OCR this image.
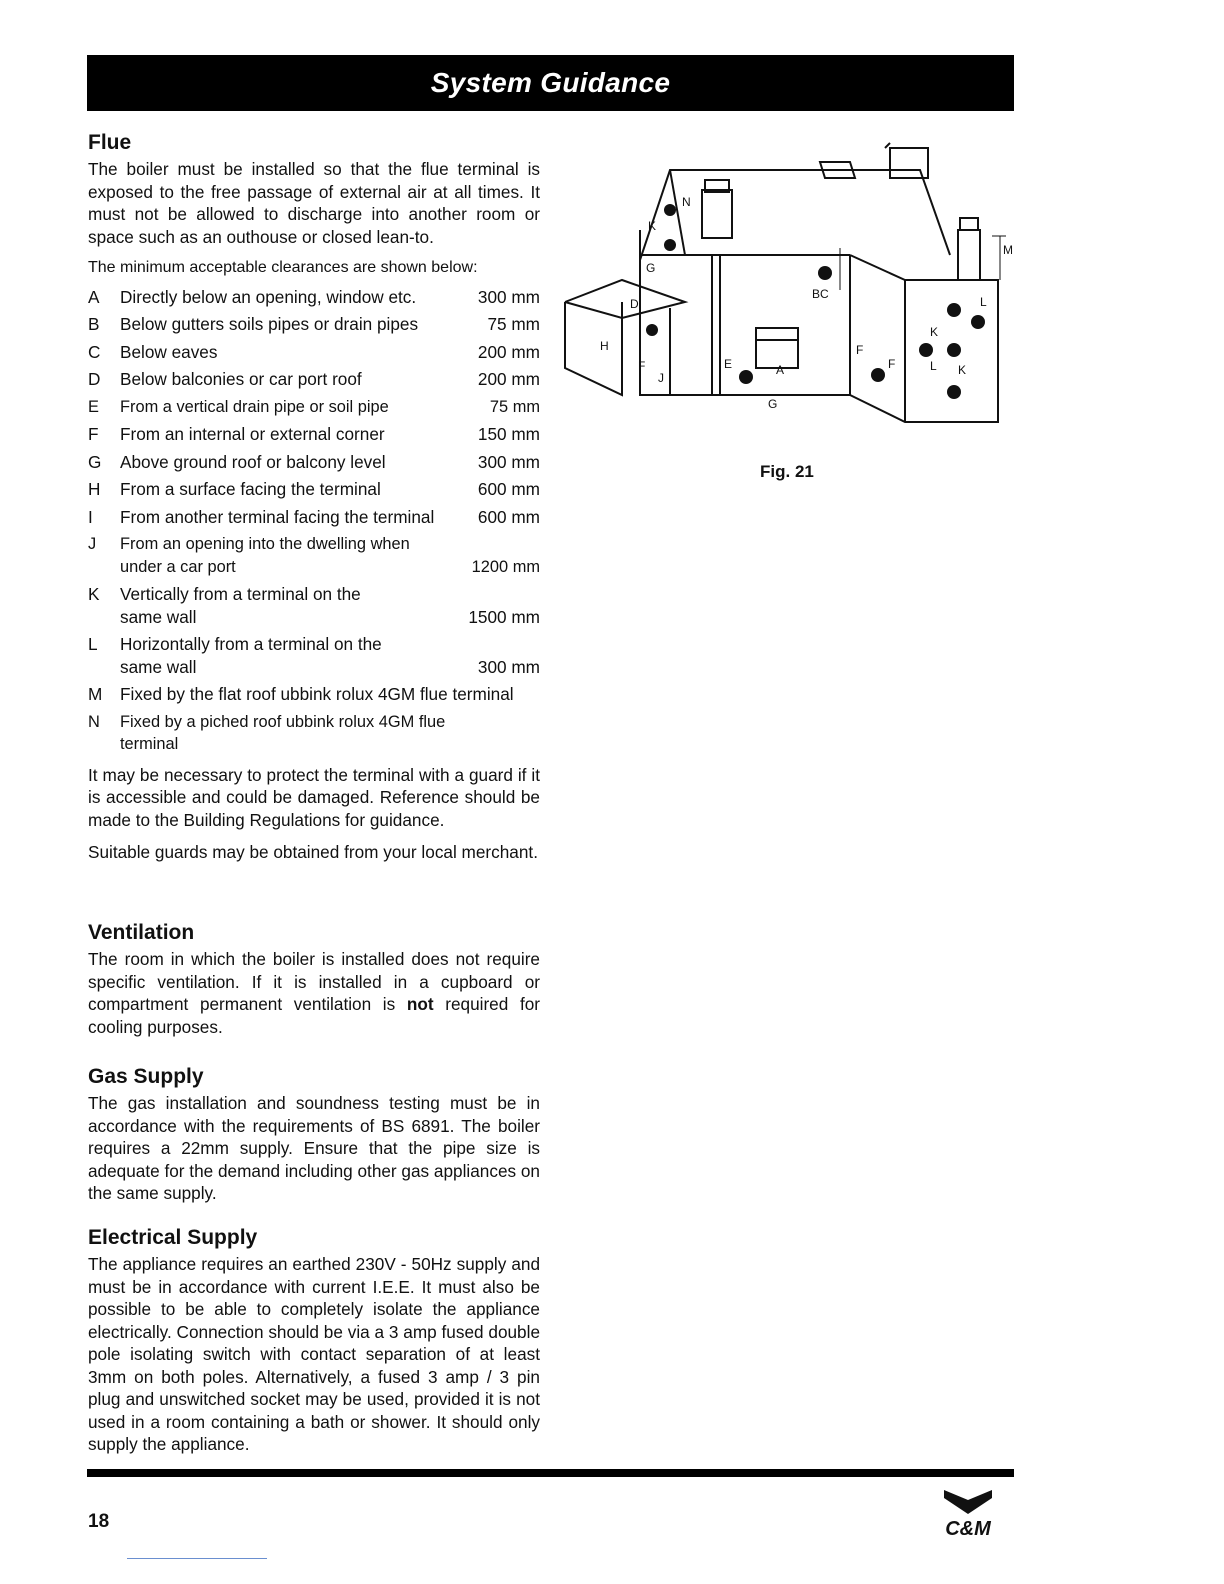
System Guidance
Flue

The boiler must be installed so that the flue terminal is exposed to the free passage of external air at all times. It must not be allowed to discharge into another room or space such as an outhouse or closed lean-to.

The minimum acceptable clearances are shown below:

A	Directly below an opening, window etc.	300 mm
B	Below gutters soils pipes or drain pipes	75 mm
C	Below eaves	200 mm
D	Below balconies or car port roof	200 mm
E	From a vertical drain pipe or soil pipe	75 mm
F	From an internal or external corner	150 mm
G	Above ground roof or balcony level	300 mm
H	From a surface facing the terminal	600 mm
I	From another terminal facing the terminal	600 mm
J	From an opening into the dwelling when
under a car port	1200 mm
K	Vertically from a terminal on the
same wall	1500 mm
L	Horizontally from a terminal on the
same wall	300 mm
M	Fixed by the flat roof ubbink rolux 4GM flue terminal
N	Fixed by a piched roof ubbink rolux 4GM flue
terminal

It may be necessary to protect the terminal with a guard if it is accessible and could be damaged. Reference should be made to the Building Regulations for guidance.

Suitable guards may be obtained from your local merchant.

Ventilation

The room in which the boiler is installed does not require specific ventilation. If it is installed in a cupboard or compartment permanent ventilation is not required for cooling purposes.

Gas Supply

The gas installation and soundness testing must be in accordance with the requirements of BS 6891. The boiler requires a 22mm supply. Ensure that the pipe size is adequate for the demand including other gas appliances on the same supply.

Electrical Supply

The appliance requires an earthed 230V - 50Hz supply and must be in accordance with current I.E.E. It must also be possible to be able to completely isolate the appliance electrically. Connection should be via a 3 amp fused double pole isolating switch with contact separation of at least 3mm on both poles. Alternatively, a fused 3 amp / 3 pin plug and unswitched socket may be used, provided it is not used in a room containing a bath or shower. It should only supply the appliance.

N
K
G
D
H
F
J
E	A
G
BC
F
F
M
L
K
L K
Fig. 21
18	C&M
